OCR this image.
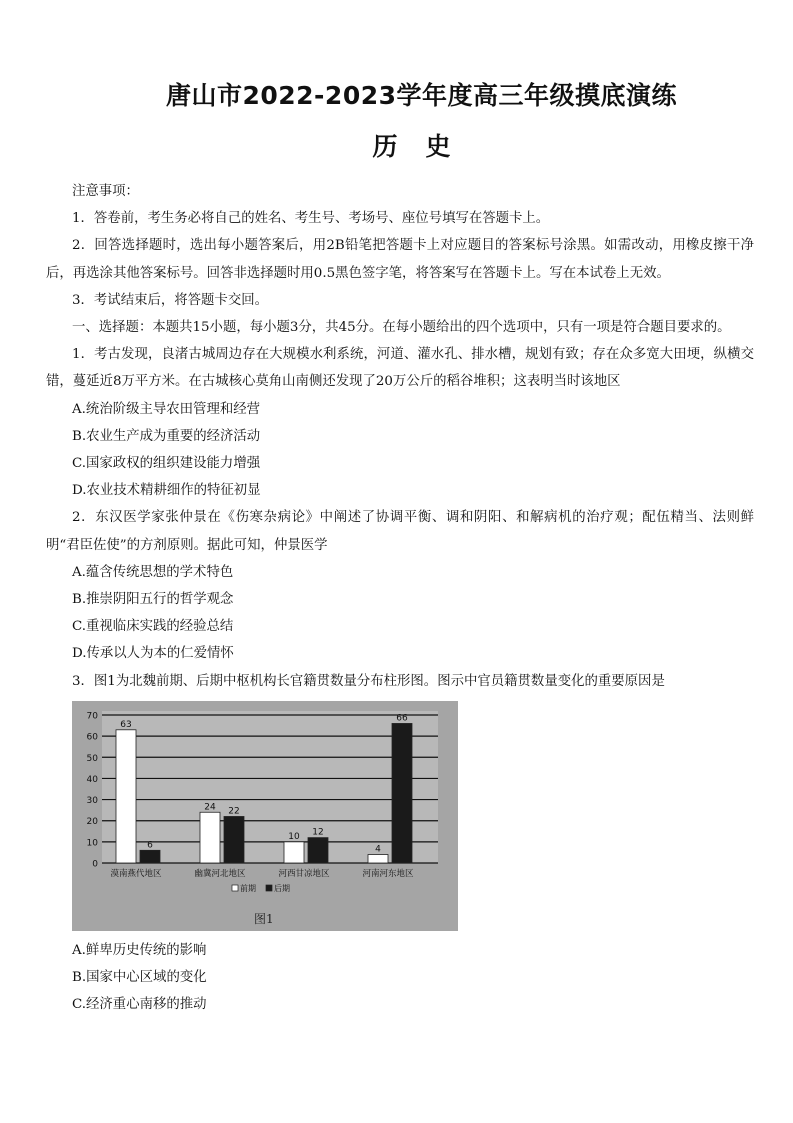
唐山市2022-2023学年度高三年级摸底演练
历 史

注意事项：

1．答卷前，考生务必将自己的姓名、考生号、考场号、座位号填写在答题卡上。

2．回答选择题时，选出每小题答案后，用2B铅笔把答题卡上对应题目的答案标号涂黑。如需改动，用橡皮擦干净后，再选涂其他答案标号。回答非选择题时用0.5黑色签字笔，将答案写在答题卡上。写在本试卷上无效。

3．考试结束后，将答题卡交回。

一、选择题：本题共15小题，每小题3分，共45分。在每小题给出的四个选项中，只有一项是符合题目要求的。

1．考古发现，良渚古城周边存在大规模水利系统，河道、灌水孔、排水槽，规划有致；存在众多宽大田埂，纵横交错，蔓延近8万平方米。在古城核心莫角山南侧还发现了20万公斤的稻谷堆积；这表明当时该地区

A.统治阶级主导农田管理和经营

B.农业生产成为重要的经济活动

C.国家政权的组织建设能力增强

D.农业技术精耕细作的特征初显

2．东汉医学家张仲景在《伤寒杂病论》中阐述了协调平衡、调和阴阳、和解病机的治疗观；配伍精当、法则鲜明“君臣佐使”的方剂原则。据此可知，仲景医学

A.蕴含传统思想的学术特色

B.推崇阴阳五行的哲学观念

C.重视临床实践的经验总结

D.传承以人为本的仁爱情怀

3．图1为北魏前期、后期中枢机构长官籍贯数量分布柱形图。图示中官员籍贯数量变化的重要原因是

0
10
20
30
40
50
60
70
63
6
漠南燕代地区
24 22
幽冀河北地区
10 12
河西甘凉地区
4
66
河南河东地区
前期 后期
图1

A.鲜卑历史传统的影响

B.国家中心区域的变化

C.经济重心南移的推动
